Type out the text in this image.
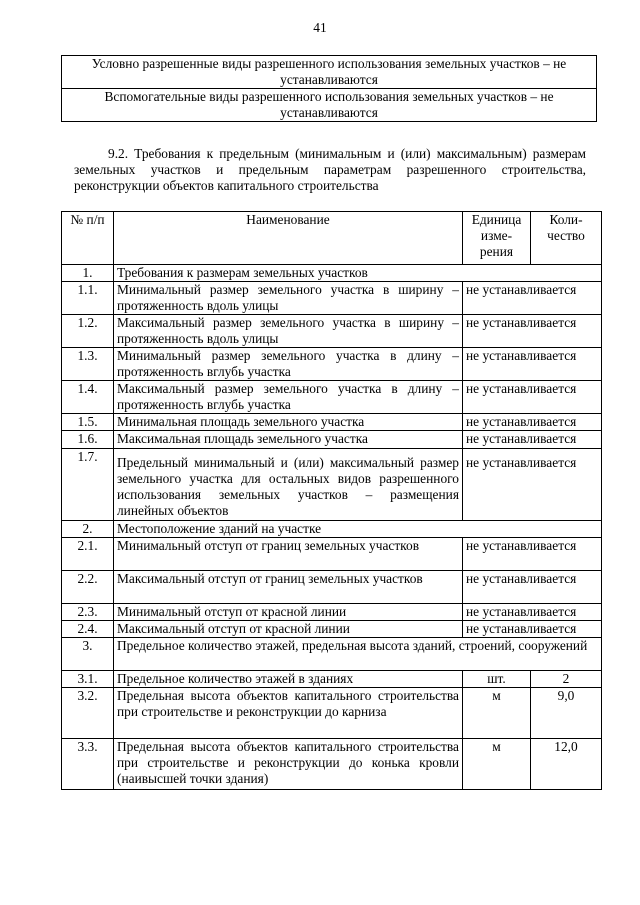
41
Условно разрешенные виды разрешенного использования земельных участков – не устанавливаются
Вспомогательные виды разрешенного использования земельных участков – не устанавливаются
9.2. Требования к предельным (минимальным и (или) максимальным) размерам земельных участков и предельным параметрам разрешенного строительства, реконструкции объектов капитального строительства
№ п/п	Наименование	Единица изме-рения	Коли-чество
1.	Требования к размерам земельных участков		
1.1.	Минимальный размер земельного участка в ширину – протяженность вдоль улицы	не устанавливается	
1.2.	Максимальный размер земельного участка в ширину – протяженность вдоль улицы	не устанавливается	
1.3.	Минимальный размер земельного участка в длину – протяженность вглубь участка	не устанавливается	
1.4.	Максимальный размер земельного участка в длину – протяженность вглубь участка	не устанавливается	
1.5.	Минимальная площадь земельного участка	не устанавливается	
1.6.	Максимальная площадь земельного участка	не устанавливается	
1.7.	Предельный минимальный и (или) максимальный размер земельного участка для остальных видов разрешенного использования земельных участков – размещения линейных объектов	не устанавливается	
2.	Местоположение зданий на участке		
2.1.	Минимальный отступ от границ земельных участков	не устанавливается	
2.2.	Максимальный отступ от границ земельных участков	не устанавливается	
2.3.	Минимальный отступ от красной линии	не устанавливается	
2.4.	Максимальный отступ от красной линии	не устанавливается	
3.	Предельное количество этажей, предельная высота зданий, строений, сооружений		
3.1.	Предельное количество этажей в зданиях	шт.	2
3.2.	Предельная высота объектов капитального строительства при строительстве и реконструкции до карниза	м	9,0
3.3.	Предельная высота объектов капитального строительства при строительстве и реконструкции до конька кровли (наивысшей точки здания)	м	12,0
